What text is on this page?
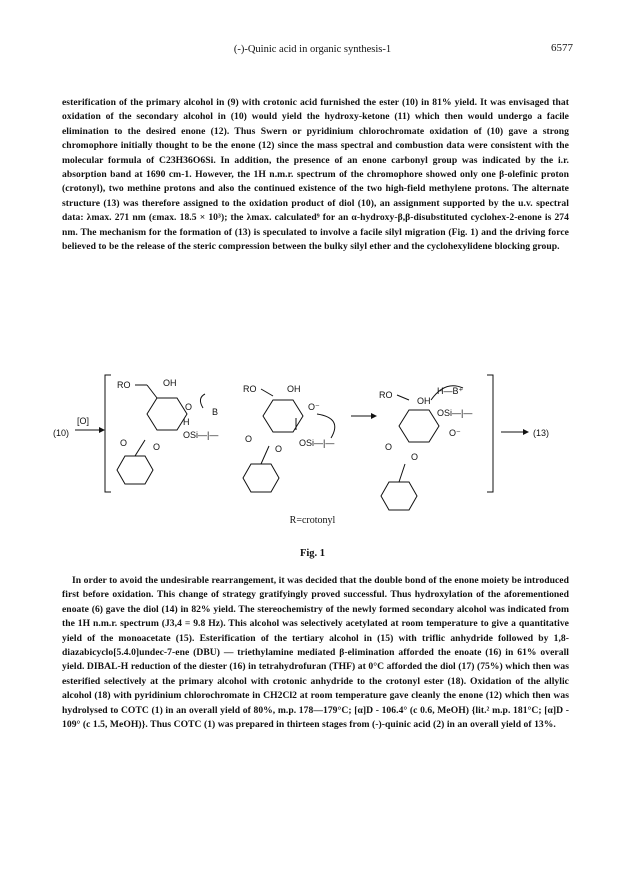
(-)-Quinic acid in organic synthesis-1	6577

esterification of the primary alcohol in (9) with crotonic acid furnished the ester (10) in 81% yield. It was envisaged that oxidation of the secondary alcohol in (10) would yield the hydroxy-ketone (11) which then would undergo a facile elimination to the desired enone (12). Thus Swern or pyridinium chlorochromate oxidation of (10) gave a strong chromophore initially thought to be the enone (12) since the mass spectral and combustion data were consistent with the molecular formula of C23H36O6Si. In addition, the presence of an enone carbonyl group was indicated by the i.r. absorption band at 1690 cm-1. However, the 1H n.m.r. spectrum of the chromophore showed only one β-olefinic proton (crotonyl), two methine protons and also the continued existence of the two high-field methylene protons. The alternate structure (13) was therefore assigned to the oxidation product of diol (10), an assignment supported by the u.v. spectral data: λmax. 271 nm (εmax. 18.5 × 10³); the λmax. calculated⁹ for an α-hydroxy-β,β-disubstituted cyclohex-2-enone is 274 nm. The mechanism for the formation of (13) is speculated to involve a facile silyl migration (Fig. 1) and the driving force believed to be the release of the steric compression between the bulky silyl ether and the cyclohexylidene blocking group.

(10)
[O]
RO	OH
O B
H
OSi—|—
O	O
RO	OH
O⁻
OSi—|—
O
O
RO
OH
H—B⁺
OSi—|—
O⁻
O
O
(13)
R=crotonyl
Fig. 1

In order to avoid the undesirable rearrangement, it was decided that the double bond of the enone moiety be introduced first before oxidation. This change of strategy gratifyingly proved successful. Thus hydroxylation of the aforementioned enoate (6) gave the diol (14) in 82% yield. The stereochemistry of the newly formed secondary alcohol was indicated from the 1H n.m.r. spectrum (J3,4 = 9.8 Hz). This alcohol was selectively acetylated at room temperature to give a quantitative yield of the monoacetate (15). Esterification of the tertiary alcohol in (15) with triflic anhydride followed by 1,8-diazabicyclo[5.4.0]undec-7-ene (DBU) — triethylamine mediated β-elimination afforded the enoate (16) in 61% overall yield. DIBAL-H reduction of the diester (16) in tetrahydrofuran (THF) at 0°C afforded the diol (17) (75%) which then was esterified selectively at the primary alcohol with crotonic anhydride to the crotonyl ester (18). Oxidation of the allylic alcohol (18) with pyridinium chlorochromate in CH2Cl2 at room temperature gave cleanly the enone (12) which then was hydrolysed to COTC (1) in an overall yield of 80%, m.p. 178—179°C; [α]D - 106.4° (c 0.6, MeOH) {lit.² m.p. 181°C; [α]D - 109° (c 1.5, MeOH)}. Thus COTC (1) was prepared in thirteen stages from (-)-quinic acid (2) in an overall yield of 13%.
